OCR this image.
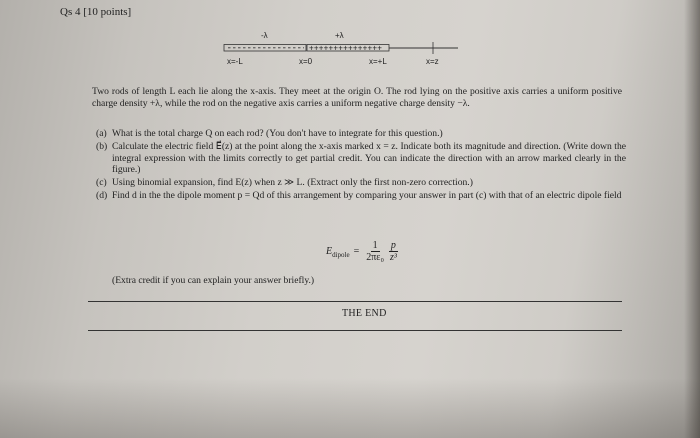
Qs 4 [10 points]
-λ	+λ
+++++++++++++++
x=-L	x=0	x=+L	x=z
Two rods of length L each lie along the x-axis. They meet at the origin O. The rod lying on the positive axis carries a uniform positive charge density +λ, while the rod on the negative axis carries a uniform negative charge density −λ.
(a) What is the total charge Q on each rod? (You don't have to integrate for this question.)
(b) Calculate the electric field E⃗(z) at the point along the x-axis marked x = z. Indicate both its magnitude and direction. (Write down the integral expression with the limits correctly to get partial credit. You can indicate the direction with an arrow marked clearly in the figure.)
(c) Using binomial expansion, find E(z) when z ≫ L. (Extract only the first non-zero correction.)
(d) Find d in the the dipole moment p = Qd of this arrangement by comparing your answer in part (c) with that of an electric dipole field
$E_{dipole} = \frac{1}{\text{2πε₀}} \frac{p}{\text{z³}}$
(Extra credit if you can explain your answer briefly.)
THE END
